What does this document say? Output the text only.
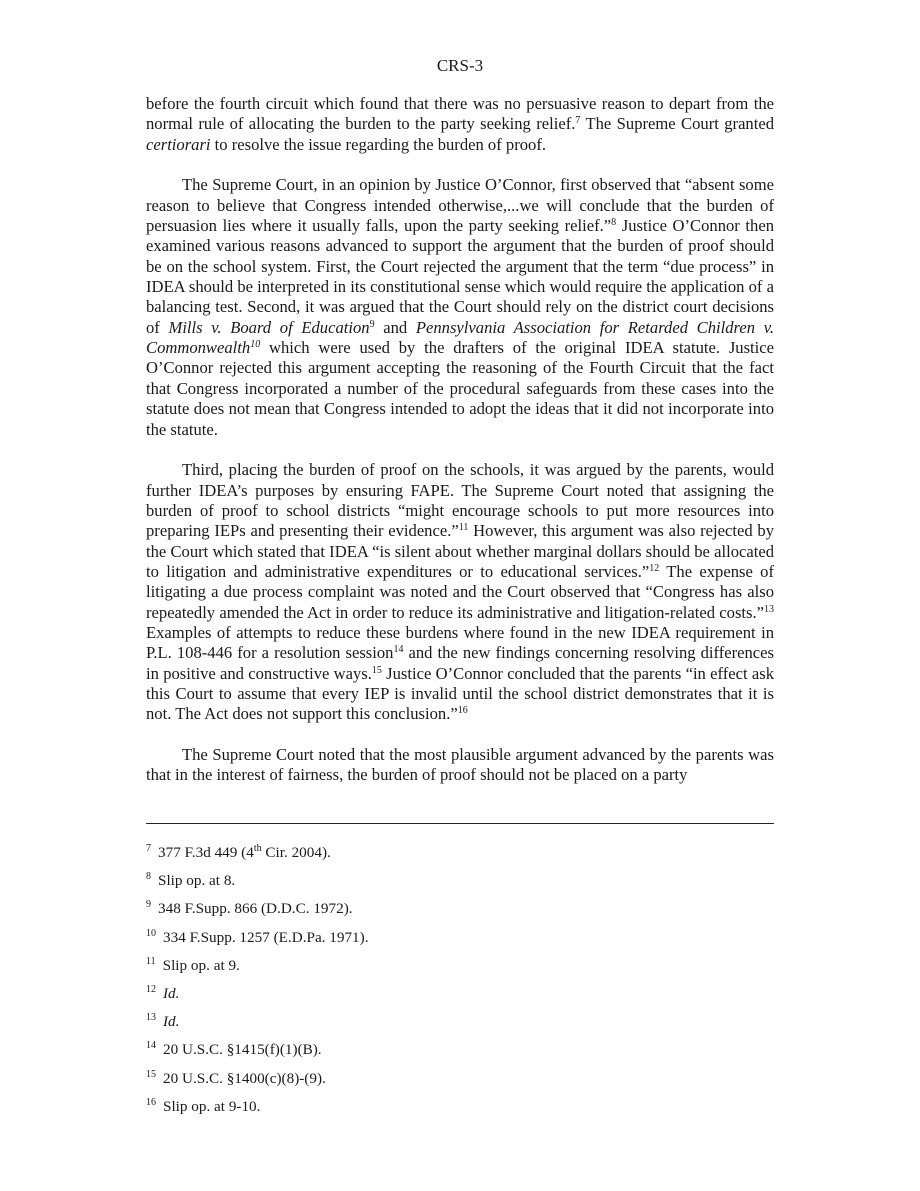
CRS-3

before the fourth circuit which found that there was no persuasive reason to depart from the normal rule of allocating the burden to the party seeking relief.$^7$ The Supreme Court granted certiorari to resolve the issue regarding the burden of proof.

The Supreme Court, in an opinion by Justice O’Connor, first observed that “absent some reason to believe that Congress intended otherwise,...we will conclude that the burden of persuasion lies where it usually falls, upon the party seeking relief.”$^8$ Justice O’Connor then examined various reasons advanced to support the argument that the burden of proof should be on the school system. First, the Court rejected the argument that the term “due process” in IDEA should be interpreted in its constitutional sense which would require the application of a balancing test. Second, it was argued that the Court should rely on the district court decisions of Mills v. Board of Education$^9$ and Pennsylvania Association for Retarded Children v. Commonwealth$^{10}$ which were used by the drafters of the original IDEA statute. Justice O’Connor rejected this argument accepting the reasoning of the Fourth Circuit that the fact that Congress incorporated a number of the procedural safeguards from these cases into the statute does not mean that Congress intended to adopt the ideas that it did not incorporate into the statute.

Third, placing the burden of proof on the schools, it was argued by the parents, would further IDEA’s purposes by ensuring FAPE. The Supreme Court noted that assigning the burden of proof to school districts “might encourage schools to put more resources into preparing IEPs and presenting their evidence.”$^{11}$ However, this argument was also rejected by the Court which stated that IDEA “is silent about whether marginal dollars should be allocated to litigation and administrative expenditures or to educational services.”$^{12}$ The expense of litigating a due process complaint was noted and the Court observed that “Congress has also repeatedly amended the Act in order to reduce its administrative and litigation-related costs.”$^{13}$ Examples of attempts to reduce these burdens where found in the new IDEA requirement in P.L. 108-446 for a resolution session$^{14}$ and the new findings concerning resolving differences in positive and constructive ways.$^{15}$ Justice O’Connor concluded that the parents “in effect ask this Court to assume that every IEP is invalid until the school district demonstrates that it is not. The Act does not support this conclusion.”$^{16}$

The Supreme Court noted that the most plausible argument advanced by the parents was that in the interest of fairness, the burden of proof should not be placed on a party

$^7$ 377 F.3d 449 (4th Cir. 2004).
$^8$ Slip op. at 8.
$^9$ 348 F.Supp. 866 (D.D.C. 1972).
$^{10}$ 334 F.Supp. 1257 (E.D.Pa. 1971).
$^{11}$ Slip op. at 9.
$^{12}$ Id.
$^{13}$ Id.
$^{14}$ 20 U.S.C. §1415(f)(1)(B).
$^{15}$ 20 U.S.C. §1400(c)(8)-(9).
$^{16}$ Slip op. at 9-10.
